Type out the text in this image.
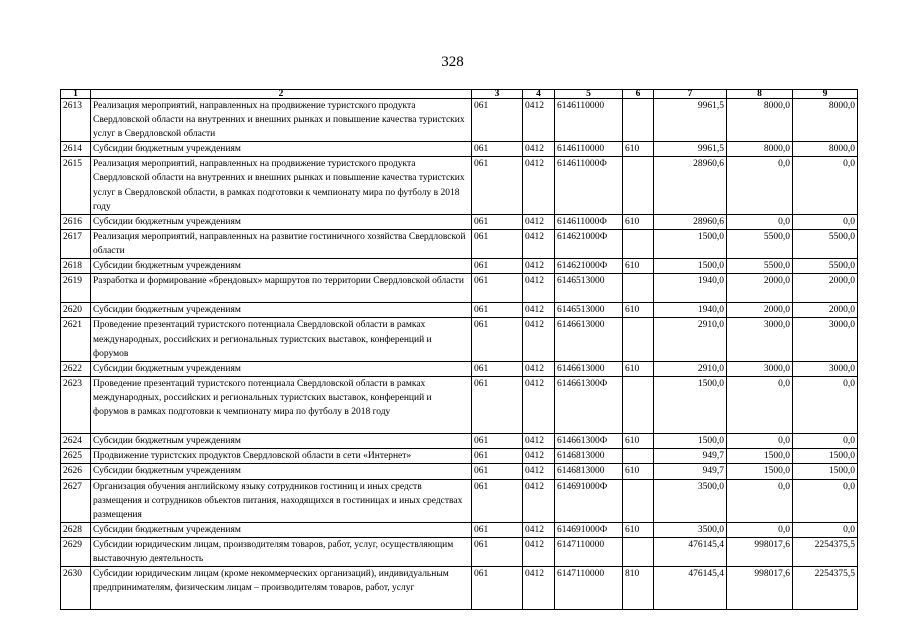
328
1	2	3	4	5	6	7	8	9
2613	Реализация мероприятий, направленных на продвижение туристского продукта Свердловской области на внутренних и внешних рынках и повышение качества туристских услуг в Свердловской области	061	0412	6146110000		9961,5	8000,0	8000,0
2614	Субсидии бюджетным учреждениям	061	0412	6146110000	610	9961,5	8000,0	8000,0
2615	Реализация мероприятий, направленных на продвижение туристского продукта Свердловской области на внутренних и внешних рынках и повышение качества туристских услуг в Свердловской области, в рамках подготовки к чемпионату мира по футболу в 2018 году	061	0412	614611000Ф		28960,6	0,0	0,0
2616	Субсидии бюджетным учреждениям	061	0412	614611000Ф	610	28960,6	0,0	0,0
2617	Реализация мероприятий, направленных на развитие гостиничного хозяйства Свердловской области	061	0412	614621000Ф		1500,0	5500,0	5500,0
2618	Субсидии бюджетным учреждениям	061	0412	614621000Ф	610	1500,0	5500,0	5500,0
2619	Разработка и формирование «брендовых» маршрутов по территории Свердловской области	061	0412	6146513000		1940,0	2000,0	2000,0
2620	Субсидии бюджетным учреждениям	061	0412	6146513000	610	1940,0	2000,0	2000,0
2621	Проведение презентаций туристского потенциала Свердловской области в рамках международных, российских и региональных туристских выставок, конференций и форумов	061	0412	6146613000		2910,0	3000,0	3000,0
2622	Субсидии бюджетным учреждениям	061	0412	6146613000	610	2910,0	3000,0	3000,0
2623	Проведение презентаций туристского потенциала Свердловской области в рамках международных, российских и региональных туристских выставок, конференций и форумов в рамках подготовки к чемпионату мира по футболу в 2018 году	061	0412	614661300Ф		1500,0	0,0	0,0
2624	Субсидии бюджетным учреждениям	061	0412	614661300Ф	610	1500,0	0,0	0,0
2625	Продвижение туристских продуктов Свердловской области в сети «Интернет»	061	0412	6146813000		949,7	1500,0	1500,0
2626	Субсидии бюджетным учреждениям	061	0412	6146813000	610	949,7	1500,0	1500,0
2627	Организация обучения английскому языку сотрудников гостиниц и иных средств размещения и сотрудников объектов питания, находящихся в гостиницах и иных средствах размещения	061	0412	614691000Ф		3500,0	0,0	0,0
2628	Субсидии бюджетным учреждениям	061	0412	614691000Ф	610	3500,0	0,0	0,0
2629	Субсидии юридическим лицам, производителям товаров, работ, услуг, осуществляющим выставочную деятельность	061	0412	6147110000		476145,4	998017,6	2254375,5
2630	Субсидии юридическим лицам (кроме некоммерческих организаций), индивидуальным предпринимателям, физическим лицам – производителям товаров, работ, услуг	061	0412	6147110000	810	476145,4	998017,6	2254375,5
